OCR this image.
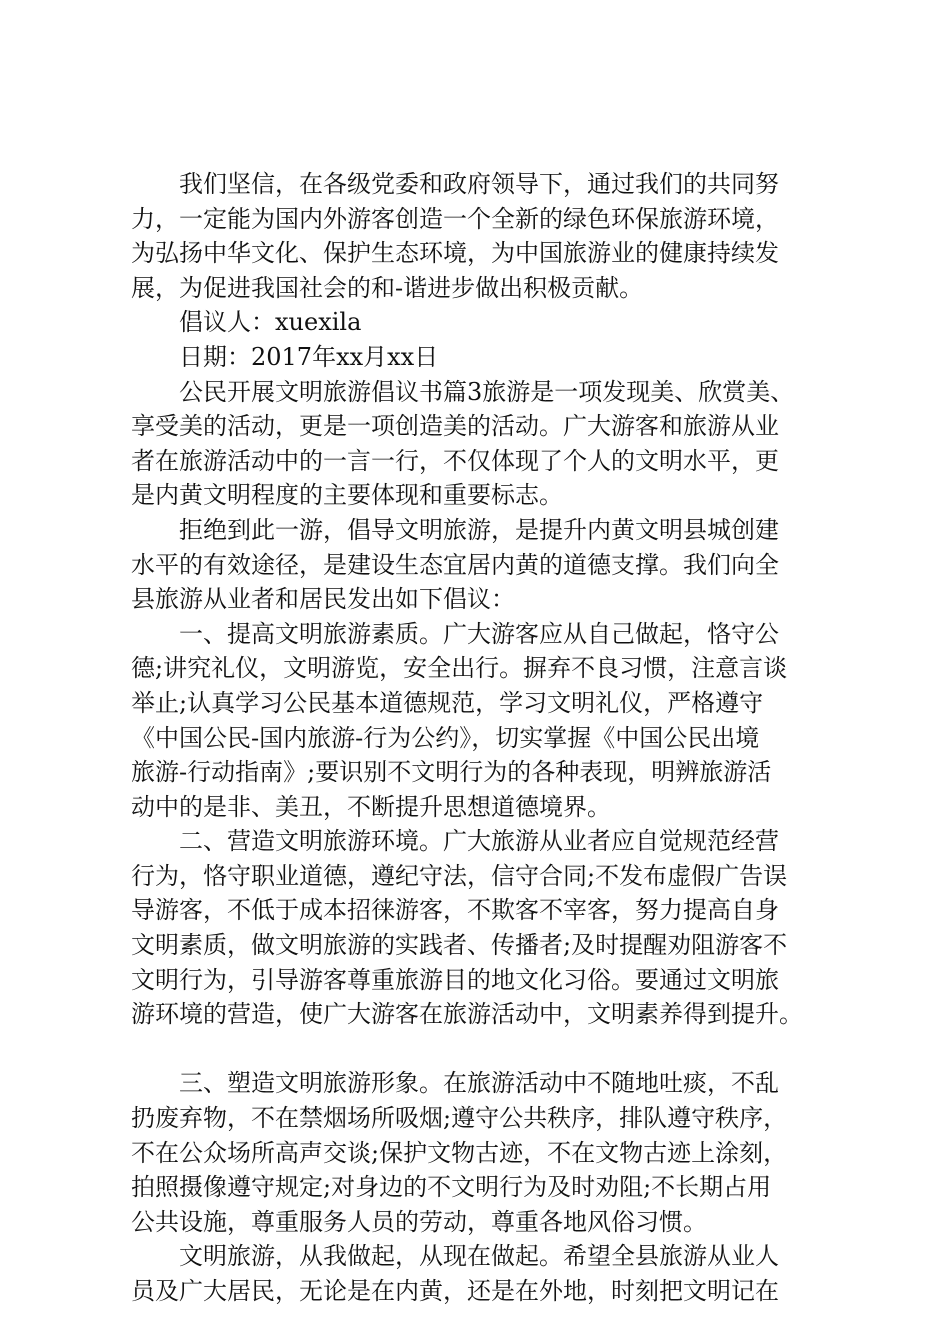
我们坚信，在各级党委和政府领导下，通过我们的共同努
力，一定能为国内外游客创造一个全新的绿色环保旅游环境，
为弘扬中华文化、保护生态环境，为中国旅游业的健康持续发
展，为促进我国社会的和-谐进步做出积极贡献。
倡议人：xuexila
日期：2017年xx月xx日
公民开展文明旅游倡议书篇3旅游是一项发现美、欣赏美、
享受美的活动，更是一项创造美的活动。广大游客和旅游从业
者在旅游活动中的一言一行，不仅体现了个人的文明水平，更
是内黄文明程度的主要体现和重要标志。
拒绝到此一游，倡导文明旅游，是提升内黄文明县城创建
水平的有效途径，是建设生态宜居内黄的道德支撑。我们向全
县旅游从业者和居民发出如下倡议：
一、提高文明旅游素质。广大游客应从自己做起，恪守公
德;讲究礼仪，文明游览，安全出行。摒弃不良习惯，注意言谈
举止;认真学习公民基本道德规范，学习文明礼仪，严格遵守
《中国公民-国内旅游-行为公约》，切实掌握《中国公民出境
旅游-行动指南》;要识别不文明行为的各种表现，明辨旅游活
动中的是非、美丑，不断提升思想道德境界。
二、营造文明旅游环境。广大旅游从业者应自觉规范经营
行为，恪守职业道德，遵纪守法，信守合同;不发布虚假广告误
导游客，不低于成本招徕游客，不欺客不宰客，努力提高自身
文明素质，做文明旅游的实践者、传播者;及时提醒劝阻游客不
文明行为，引导游客尊重旅游目的地文化习俗。要通过文明旅
游环境的营造，使广大游客在旅游活动中，文明素养得到提升。
三、塑造文明旅游形象。在旅游活动中不随地吐痰，不乱
扔废弃物，不在禁烟场所吸烟;遵守公共秩序，排队遵守秩序，
不在公众场所高声交谈;保护文物古迹，不在文物古迹上涂刻，
拍照摄像遵守规定;对身边的不文明行为及时劝阻;不长期占用
公共设施，尊重服务人员的劳动，尊重各地风俗习惯。
文明旅游，从我做起，从现在做起。希望全县旅游从业人
员及广大居民，无论是在内黄，还是在外地，时刻把文明记在
